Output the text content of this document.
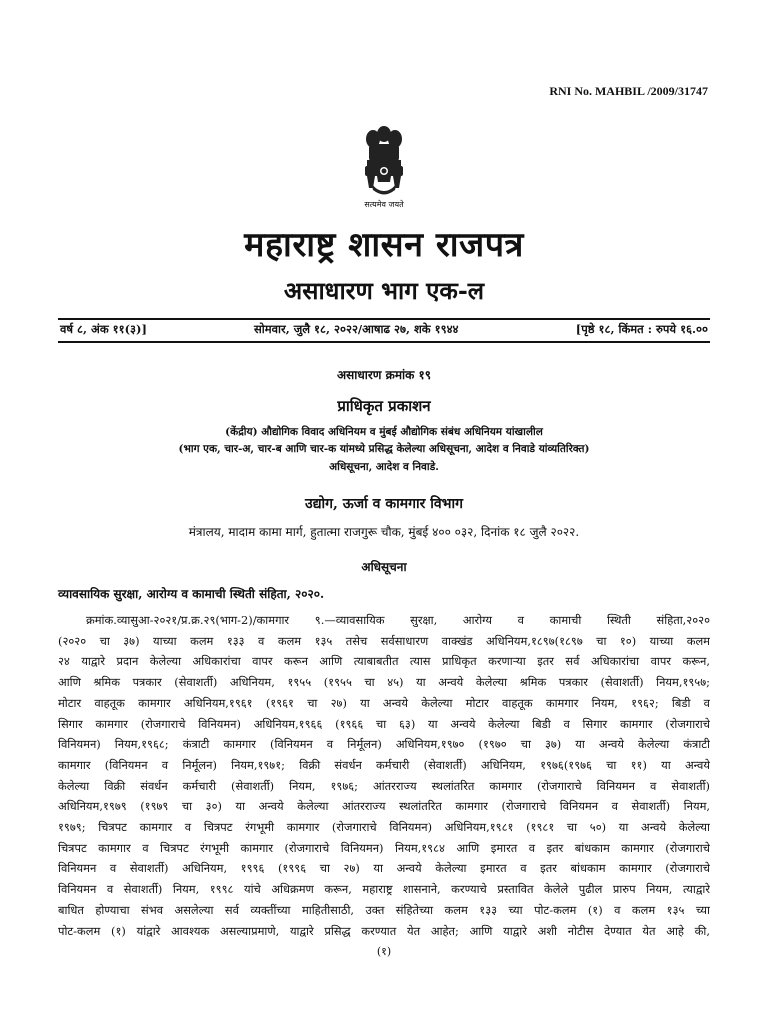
RNI No. MAHBIL /2009/31747
सत्यमेव जयते
महाराष्ट्र शासन राजपत्र
असाधारण भाग एक-ल
वर्ष ८, अंक ११(३)]	सोमवार, जुलै १८, २०२२/आषाढ २७, शके १९४४	[पृष्ठे १८, किंमत : रुपये १६.००
असाधारण क्रमांक १९
प्राधिकृत प्रकाशन
(केंद्रीय) औद्योगिक विवाद अधिनियम व मुंबई औद्योगिक संबंध अधिनियम यांखालील
(भाग एक, चार-अ, चार-ब आणि चार-क यांमध्ये प्रसिद्ध केलेल्या अधिसूचना, आदेश व निवाडे यांव्यतिरिक्त)
अधिसूचना, आदेश व निवाडे.
उद्योग, ऊर्जा व कामगार विभाग
मंत्रालय, मादाम कामा मार्ग, हुतात्मा राजगुरू चौक, मुंबई ४०० ०३२, दिनांक १८ जुलै २०२२.
अधिसूचना
व्यावसायिक सुरक्षा, आरोग्य व कामाची स्थिती संहिता, २०२०.
क्रमांक.व्यासुआ-२०२१/प्र.क्र.२९(भाग-2)/कामगार ९.—व्यावसायिक सुरक्षा, आरोग्य व कामाची स्थिती संहिता,२०२०
(२०२० चा ३७) याच्या कलम १३३ व कलम १३५ तसेच सर्वसाधारण वाक्खंड अधिनियम,१८९७(१८९७ चा १०) याच्या कलम
२४ याद्वारे प्रदान केलेल्या अधिकारांचा वापर करून आणि त्याबाबतीत त्यास प्राधिकृत करणाऱ्या इतर सर्व अधिकारांचा वापर करून,
आणि श्रमिक पत्रकार (सेवाशर्ती) अधिनियम, १९५५ (१९५५ चा ४५) या अन्वये केलेल्या श्रमिक पत्रकार (सेवाशर्ती) नियम,१९५७;
मोटार वाहतूक कामगार अधिनियम,१९६१ (१९६१ चा २७) या अन्वये केलेल्या मोटार वाहतूक कामगार नियम, १९६२; बिडी व
सिगार कामगार (रोजगाराचे विनियमन) अधिनियम,१९६६ (१९६६ चा ६३) या अन्वये केलेल्या बिडी व सिगार कामगार (रोजगाराचे
विनियमन) नियम,१९६८; कंत्राटी कामगार (विनियमन व निर्मूलन) अधिनियम,१९७० (१९७० चा ३७) या अन्वये केलेल्या कंत्राटी
कामगार (विनियमन व निर्मूलन) नियम,१९७१; विक्री संवर्धन कर्मचारी (सेवाशर्ती) अधिनियम, १९७६(१९७६ चा ११) या अन्वये
केलेल्या विक्री संवर्धन कर्मचारी (सेवाशर्ती) नियम, १९७६; आंतरराज्य स्थलांतरित कामगार (रोजगाराचे विनियमन व सेवाशर्ती)
अधिनियम,१९७९ (१९७९ चा ३०) या अन्वये केलेल्या आंतरराज्य स्थलांतरित कामगार (रोजगाराचे विनियमन व सेवाशर्ती) नियम,
१९७९; चित्रपट कामगार व चित्रपट रंगभूमी कामगार (रोजगाराचे विनियमन) अधिनियम,१९८१ (१९८१ चा ५०) या अन्वये केलेल्या
चित्रपट कामगार व चित्रपट रंगभूमी कामगार (रोजगाराचे विनियमन) नियम,१९८४ आणि इमारत व इतर बांधकाम कामगार (रोजगाराचे
विनियमन व सेवाशर्ती) अधिनियम, १९९६ (१९९६ चा २७) या अन्वये केलेल्या इमारत व इतर बांधकाम कामगार (रोजगाराचे
विनियमन व सेवाशर्ती) नियम, १९९८ यांचे अधिक्रमण करून, महाराष्ट्र शासनाने, करण्याचे प्रस्तावित केलेले पुढील प्रारुप नियम, त्याद्वारे
बाधित होण्याचा संभव असलेल्या सर्व व्यक्तींच्या माहितीसाठी, उक्त संहितेच्या कलम १३३ च्या पोट-कलम (१) व कलम १३५ च्या
पोट-कलम (१) यांद्वारे आवश्यक असल्याप्रमाणे, याद्वारे प्रसिद्ध करण्यात येत आहेत; आणि याद्वारे अशी नोटीस देण्यात येत आहे की,
(१)
